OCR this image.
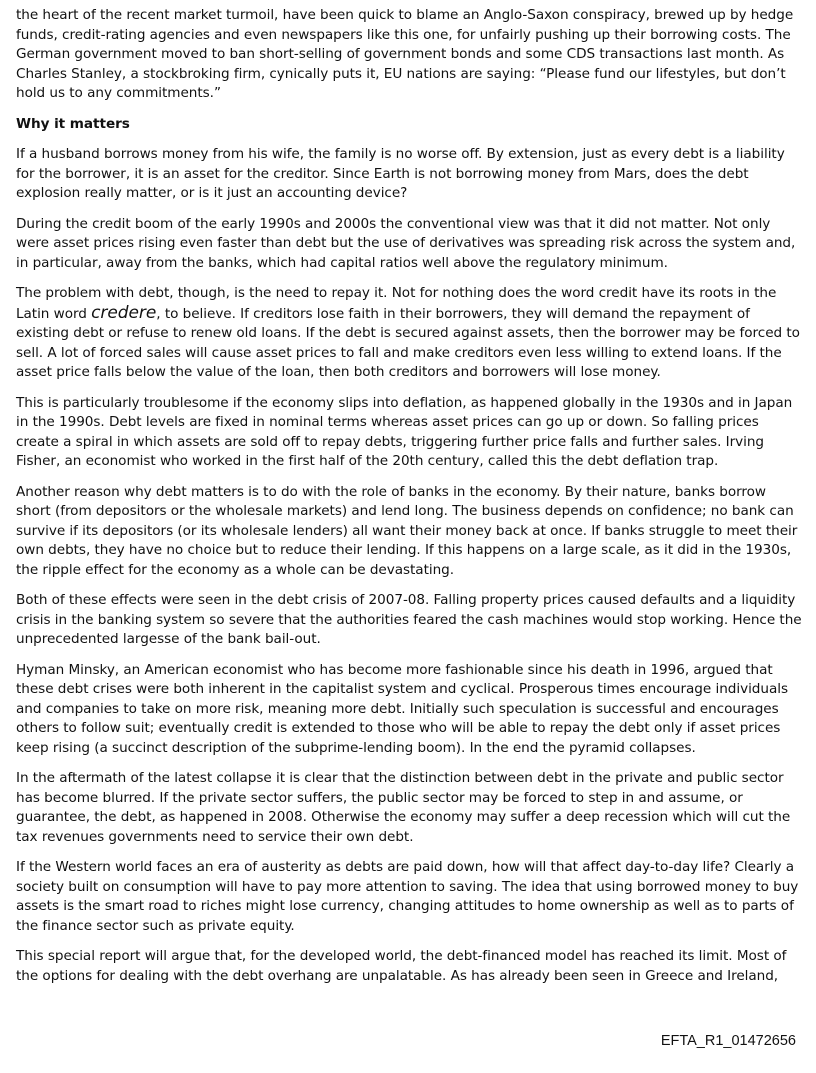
the heart of the recent market turmoil, have been quick to blame an Anglo-Saxon conspiracy, brewed up by hedge funds, credit-rating agencies and even newspapers like this one, for unfairly pushing up their borrowing costs. The German government moved to ban short-selling of government bonds and some CDS transactions last month. As Charles Stanley, a stockbroking firm, cynically puts it, EU nations are saying: “Please fund our lifestyles, but don’t hold us to any commitments.”

Why it matters

If a husband borrows money from his wife, the family is no worse off. By extension, just as every debt is a liability for the borrower, it is an asset for the creditor. Since Earth is not borrowing money from Mars, does the debt explosion really matter, or is it just an accounting device?

During the credit boom of the early 1990s and 2000s the conventional view was that it did not matter. Not only were asset prices rising even faster than debt but the use of derivatives was spreading risk across the system and, in particular, away from the banks, which had capital ratios well above the regulatory minimum.

The problem with debt, though, is the need to repay it. Not for nothing does the word credit have its roots in the Latin word credere, to believe. If creditors lose faith in their borrowers, they will demand the repayment of existing debt or refuse to renew old loans. If the debt is secured against assets, then the borrower may be forced to sell. A lot of forced sales will cause asset prices to fall and make creditors even less willing to extend loans. If the asset price falls below the value of the loan, then both creditors and borrowers will lose money.

This is particularly troublesome if the economy slips into deflation, as happened globally in the 1930s and in Japan in the 1990s. Debt levels are fixed in nominal terms whereas asset prices can go up or down. So falling prices create a spiral in which assets are sold off to repay debts, triggering further price falls and further sales. Irving Fisher, an economist who worked in the first half of the 20th century, called this the debt deflation trap.

Another reason why debt matters is to do with the role of banks in the economy. By their nature, banks borrow short (from depositors or the wholesale markets) and lend long. The business depends on confidence; no bank can survive if its depositors (or its wholesale lenders) all want their money back at once. If banks struggle to meet their own debts, they have no choice but to reduce their lending. If this happens on a large scale, as it did in the 1930s, the ripple effect for the economy as a whole can be devastating.

Both of these effects were seen in the debt crisis of 2007-08. Falling property prices caused defaults and a liquidity crisis in the banking system so severe that the authorities feared the cash machines would stop working. Hence the unprecedented largesse of the bank bail-out.

Hyman Minsky, an American economist who has become more fashionable since his death in 1996, argued that these debt crises were both inherent in the capitalist system and cyclical. Prosperous times encourage individuals and companies to take on more risk, meaning more debt. Initially such speculation is successful and encourages others to follow suit; eventually credit is extended to those who will be able to repay the debt only if asset prices keep rising (a succinct description of the subprime-lending boom). In the end the pyramid collapses.

In the aftermath of the latest collapse it is clear that the distinction between debt in the private and public sector has become blurred. If the private sector suffers, the public sector may be forced to step in and assume, or guarantee, the debt, as happened in 2008. Otherwise the economy may suffer a deep recession which will cut the tax revenues governments need to service their own debt.

If the Western world faces an era of austerity as debts are paid down, how will that affect day-to-day life? Clearly a society built on consumption will have to pay more attention to saving. The idea that using borrowed money to buy assets is the smart road to riches might lose currency, changing attitudes to home ownership as well as to parts of the finance sector such as private equity.

This special report will argue that, for the developed world, the debt-financed model has reached its limit. Most of the options for dealing with the debt overhang are unpalatable. As has already been seen in Greece and Ireland,

EFTA_R1_01472656
